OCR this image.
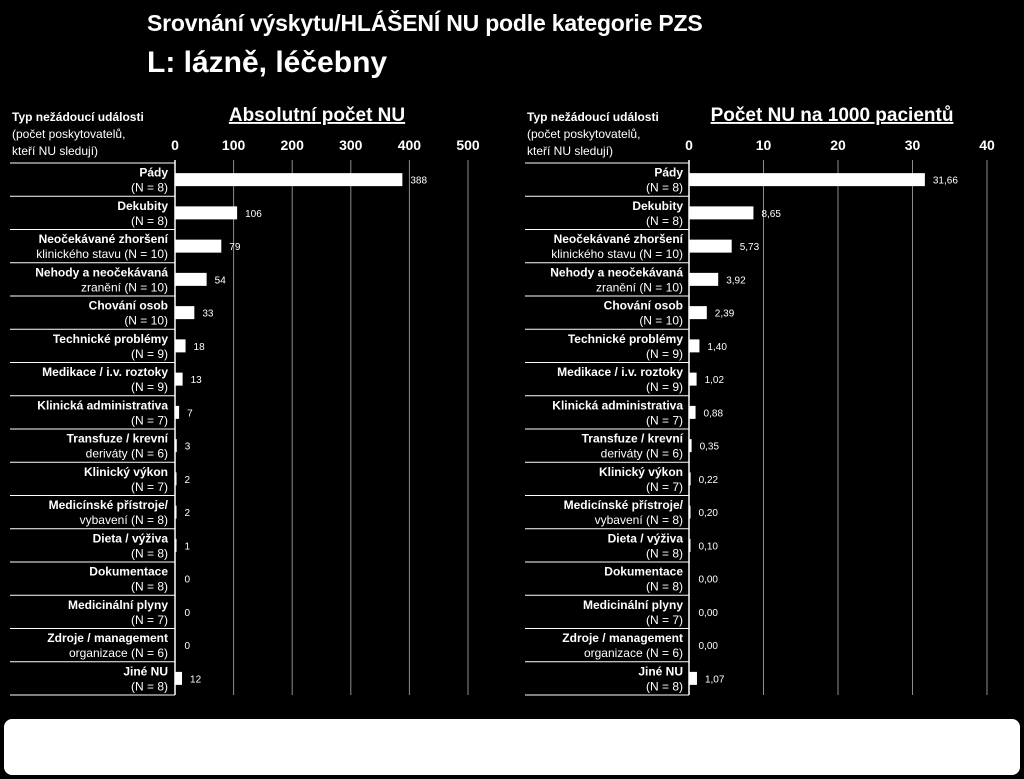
Srovnání výskytu/HLÁŠENÍ NU podle kategorie PZS
L: lázně, léčebny
Absolutní počet NU
Typ nežádoucí události
(počet poskytovatelů,
kteří NU sledují)	0	100	200	300	400	500
Pády
(N = 8)	388
Dekubity
(N = 8)	106
Neočekávané zhoršení
klinického stavu (N = 10)	79
Nehody a neočekávaná
zranění (N = 10)	54
Chování osob
(N = 10)	33
Technické problémy
(N = 9)	18
Medikace / i.v. roztoky
(N = 9) 13
Klinická administrativa
(N = 7) 7
Transfuze / krevní
deriváty (N = 6) 3
Klinický výkon
(N = 7) 2
Medicínské přístroje/
vybavení (N = 8) 2
Dieta / výživa
(N = 8) 1
Dokumentace
(N = 8) 0
Medicinální plyny
(N = 7) 0
Zdroje / management
organizace (N = 6) 0
Jiné NU
(N = 8) 12
Počet NU na 1000 pacientů
Typ nežádoucí události
(počet poskytovatelů,
kteří NU sledují)	0	10	20	30	40
Pády
(N = 8)	31,66
Dekubity
(N = 8)	8,65
Neočekávané zhoršení
klinického stavu (N = 10)	5,73
Nehody a neočekávaná
zranění (N = 10)	3,92
Chování osob
(N = 10)	2,39
Technické problémy
(N = 9) 1,40
Medikace / i.v. roztoky
(N = 9) 1,02
Klinická administrativa
(N = 7) 0,88
Transfuze / krevní
deriváty (N = 6) 0,35
Klinický výkon
(N = 7) 0,22
Medicínské přístroje/
vybavení (N = 8) 0,20
Dieta / výživa
(N = 8) 0,10
Dokumentace
(N = 8) 0,00
Medicinální plyny
(N = 7) 0,00
Zdroje / management
organizace (N = 6) 0,00
Jiné NU
(N = 8) 1,07
